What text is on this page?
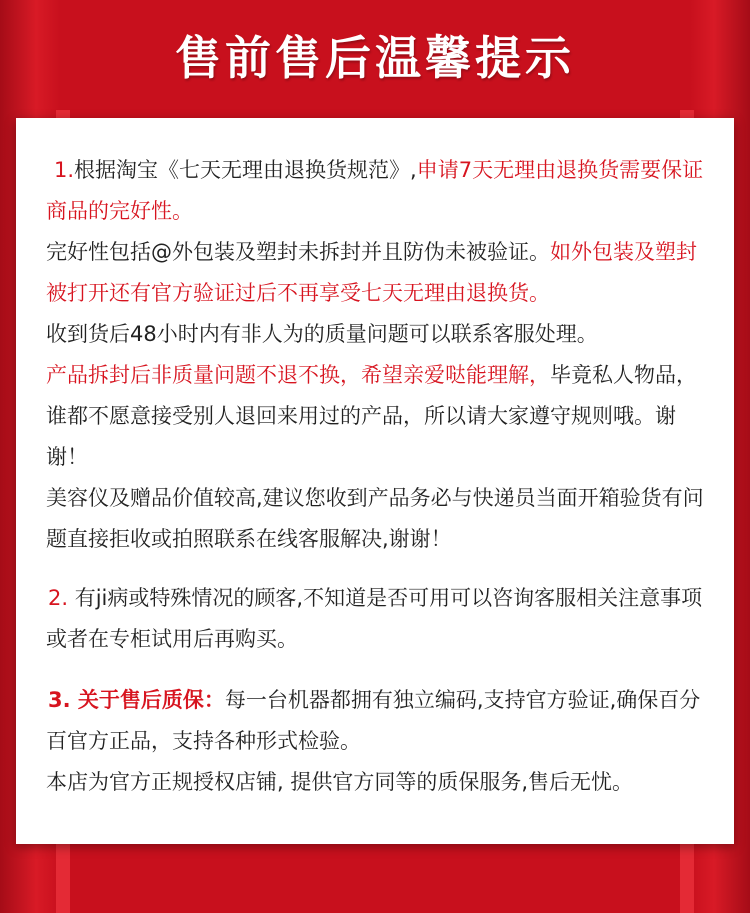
售前售后温馨提示
1.根据淘宝《七天无理由退换货规范》,申请7天无理由退换货需要保证商品的完好性。
完好性包括@外包装及塑封未拆封并且防伪未被验证。如外包装及塑封被打开还有官方验证过后不再享受七天无理由退换货。
收到货后48小时内有非人为的质量问题可以联系客服处理。
产品拆封后非质量问题不退不换，希望亲爱哒能理解，毕竟私人物品，谁都不愿意接受别人退回来用过的产品，所以请大家遵守规则哦。谢谢！
美容仪及赠品价值较高,建议您收到产品务必与快递员当面开箱验货有问题直接拒收或拍照联系在线客服解决,谢谢！
2. 有ji病或特殊情况的顾客,不知道是否可用可以咨询客服相关注意事项或者在专柜试用后再购买。
3. 关于售后质保：每一台机器都拥有独立编码,支持官方验证,确保百分百官方正品，支持各种形式检验。
本店为官方正规授权店铺, 提供官方同等的质保服务,售后无忧。
